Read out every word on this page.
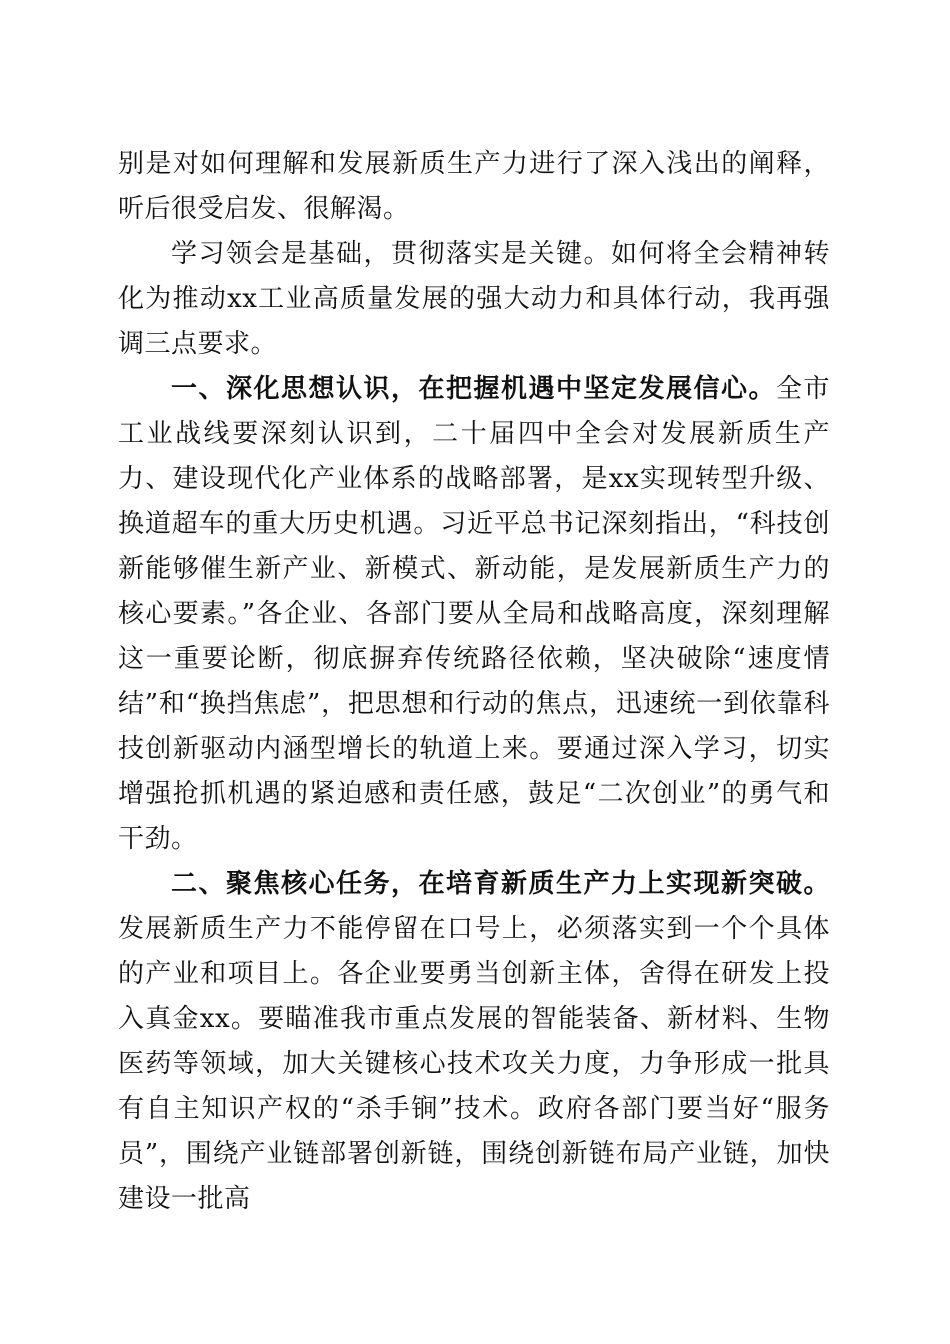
别是对如何理解和发展新质生产力进行了深入浅出的阐释，听后很受启发、很解渴。

学习领会是基础，贯彻落实是关键。如何将全会精神转化为推动xx工业高质量发展的强大动力和具体行动，我再强调三点要求。

一、深化思想认识，在把握机遇中坚定发展信心。全市工业战线要深刻认识到，二十届四中全会对发展新质生产力、建设现代化产业体系的战略部署，是xx实现转型升级、换道超车的重大历史机遇。习近平总书记深刻指出，“科技创新能够催生新产业、新模式、新动能，是发展新质生产力的核心要素。”各企业、各部门要从全局和战略高度，深刻理解这一重要论断，彻底摒弃传统路径依赖，坚决破除“速度情结”和“换挡焦虑”，把思想和行动的焦点，迅速统一到依靠科技创新驱动内涵型增长的轨道上来。要通过深入学习，切实增强抢抓机遇的紧迫感和责任感，鼓足“二次创业”的勇气和干劲。

二、聚焦核心任务，在培育新质生产力上实现新突破。发展新质生产力不能停留在口号上，必须落实到一个个具体的产业和项目上。各企业要勇当创新主体，舍得在研发上投入真金xx。要瞄准我市重点发展的智能装备、新材料、生物医药等领域，加大关键核心技术攻关力度，力争形成一批具有自主知识产权的“杀手锏”技术。政府各部门要当好“服务员”，围绕产业链部署创新链，围绕创新链布局产业链，加快建设一批高
